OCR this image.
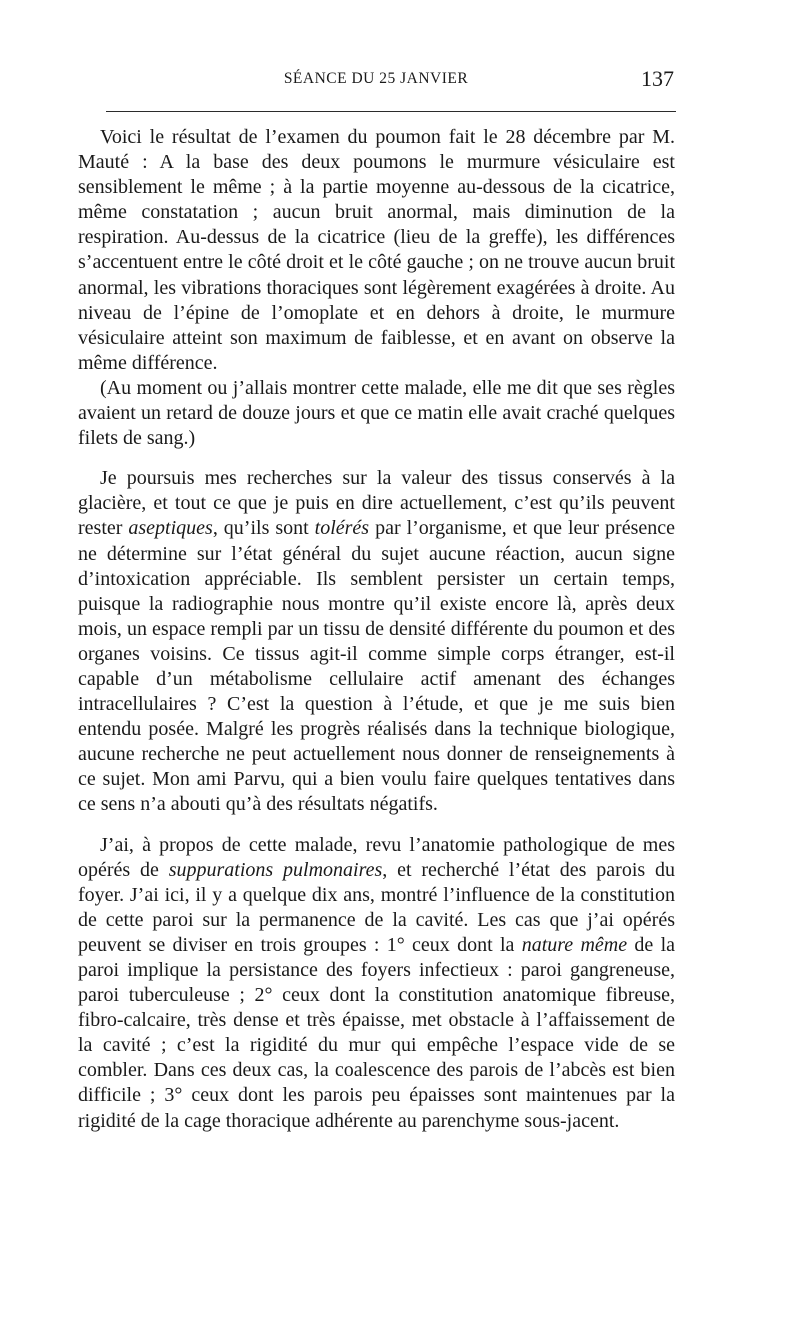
SÉANCE DU 25 JANVIER	137

Voici le résultat de l’examen du poumon fait le 28 décembre par M. Mauté : A la base des deux poumons le murmure vésiculaire est sensiblement le même ; à la partie moyenne au-dessous de la cicatrice, même constatation ; aucun bruit anormal, mais diminution de la respiration. Au-dessus de la cicatrice (lieu de la greffe), les différences s’accentuent entre le côté droit et le côté gauche ; on ne trouve aucun bruit anormal, les vibrations thoraciques sont légèrement exagérées à droite. Au niveau de l’épine de l’omoplate et en dehors à droite, le murmure vésiculaire atteint son maximum de faiblesse, et en avant on observe la même différence.

(Au moment ou j’allais montrer cette malade, elle me dit que ses règles avaient un retard de douze jours et que ce matin elle avait craché quelques filets de sang.)

Je poursuis mes recherches sur la valeur des tissus conservés à la glacière, et tout ce que je puis en dire actuellement, c’est qu’ils peuvent rester aseptiques, qu’ils sont tolérés par l’organisme, et que leur présence ne détermine sur l’état général du sujet aucune réaction, aucun signe d’intoxication appréciable. Ils semblent persister un certain temps, puisque la radiographie nous montre qu’il existe encore là, après deux mois, un espace rempli par un tissu de densité différente du poumon et des organes voisins. Ce tissus agit-il comme simple corps étranger, est-il capable d’un métabolisme cellulaire actif amenant des échanges intracellulaires ? C’est la question à l’étude, et que je me suis bien entendu posée. Malgré les progrès réalisés dans la technique biologique, aucune recherche ne peut actuellement nous donner de renseignements à ce sujet. Mon ami Parvu, qui a bien voulu faire quelques tentatives dans ce sens n’a abouti qu’à des résultats négatifs.

J’ai, à propos de cette malade, revu l’anatomie pathologique de mes opérés de suppurations pulmonaires, et recherché l’état des parois du foyer. J’ai ici, il y a quelque dix ans, montré l’influence de la constitution de cette paroi sur la permanence de la cavité. Les cas que j’ai opérés peuvent se diviser en trois groupes : 1° ceux dont la nature même de la paroi implique la persistance des foyers infectieux : paroi gangreneuse, paroi tuberculeuse ; 2° ceux dont la constitution anatomique fibreuse, fibro-calcaire, très dense et très épaisse, met obstacle à l’affaissement de la cavité ; c’est la rigidité du mur qui empêche l’espace vide de se combler. Dans ces deux cas, la coalescence des parois de l’abcès est bien difficile ; 3° ceux dont les parois peu épaisses sont maintenues par la rigidité de la cage thoracique adhérente au parenchyme sous-jacent.
